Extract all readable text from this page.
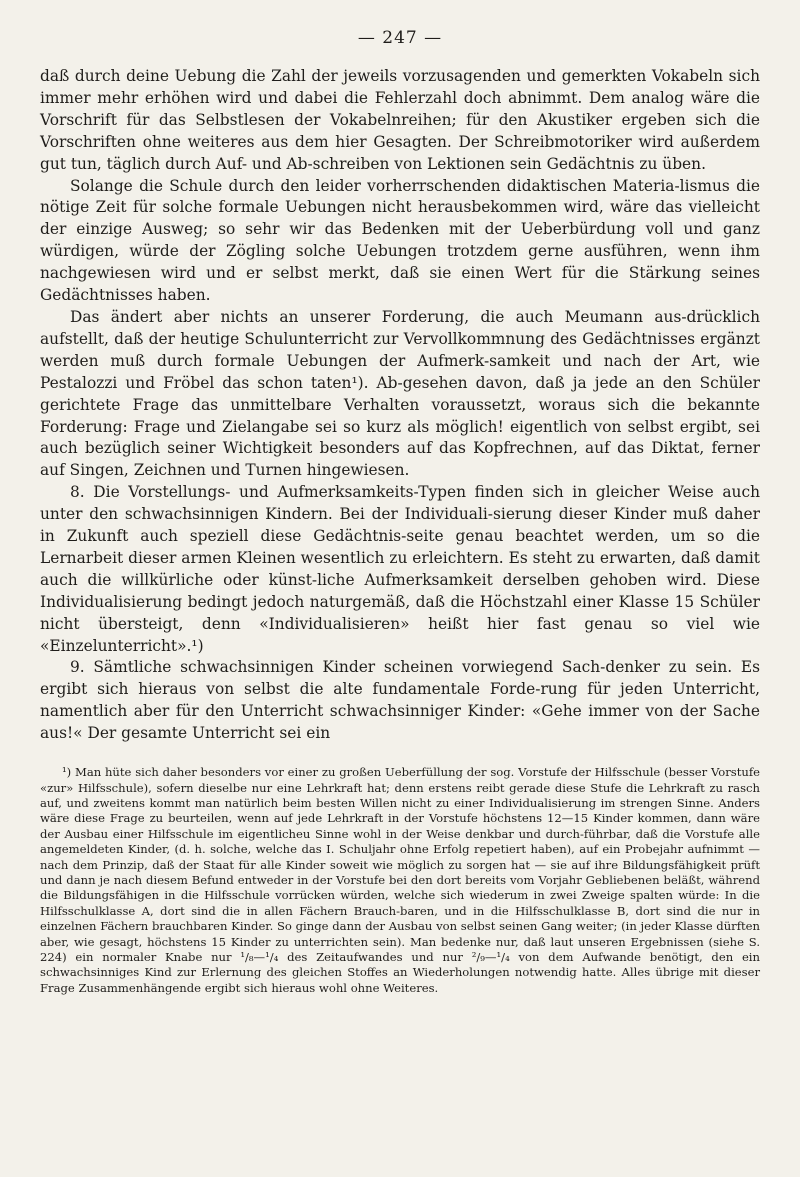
— 247 —

daß durch deine Uebung die Zahl der jeweils vorzusagenden und gemerkten Vokabeln sich immer mehr erhöhen wird und dabei die Fehlerzahl doch abnimmt. Dem analog wäre die Vorschrift für das Selbstlesen der Vokabelnreihen; für den Akustiker ergeben sich die Vorschriften ohne weiteres aus dem hier Gesagten. Der Schreibmotoriker wird außerdem gut tun, täglich durch Auf- und Ab-schreiben von Lektionen sein Gedächtnis zu üben.

Solange die Schule durch den leider vorherrschenden didaktischen Materia-lismus die nötige Zeit für solche formale Uebungen nicht herausbekommen wird, wäre das vielleicht der einzige Ausweg; so sehr wir das Bedenken mit der Ueberbürdung voll und ganz würdigen, würde der Zögling solche Uebungen trotzdem gerne ausführen, wenn ihm nachgewiesen wird und er selbst merkt, daß sie einen Wert für die Stärkung seines Gedächtnisses haben.

Das ändert aber nichts an unserer Forderung, die auch Meumann aus-drücklich aufstellt, daß der heutige Schulunterricht zur Vervollkommnung des Gedächtnisses ergänzt werden muß durch formale Uebungen der Aufmerk-samkeit und nach der Art, wie Pestalozzi und Fröbel das schon taten¹). Ab-gesehen davon, daß ja jede an den Schüler gerichtete Frage das unmittelbare Verhalten voraussetzt, woraus sich die bekannte Forderung: Frage und Zielangabe sei so kurz als möglich! eigentlich von selbst ergibt, sei auch bezüglich seiner Wichtigkeit besonders auf das Kopfrechnen, auf das Diktat, ferner auf Singen, Zeichnen und Turnen hingewiesen.

8. Die Vorstellungs- und Aufmerksamkeits-Typen finden sich in gleicher Weise auch unter den schwachsinnigen Kindern. Bei der Individuali-sierung dieser Kinder muß daher in Zukunft auch speziell diese Gedächtnis-seite genau beachtet werden, um so die Lernarbeit dieser armen Kleinen wesentlich zu erleichtern. Es steht zu erwarten, daß damit auch die willkürliche oder künst-liche Aufmerksamkeit derselben gehoben wird. Diese Individualisierung bedingt jedoch naturgemäß, daß die Höchstzahl einer Klasse 15 Schüler nicht übersteigt, denn «Individualisieren» heißt hier fast genau so viel wie «Einzelunterricht».¹)

9. Sämtliche schwachsinnigen Kinder scheinen vorwiegend Sach-denker zu sein. Es ergibt sich hieraus von selbst die alte fundamentale Forde-rung für jeden Unterricht, namentlich aber für den Unterricht schwachsinniger Kinder: «Gehe immer von der Sache aus!« Der gesamte Unterricht sei ein

¹) Man hüte sich daher besonders vor einer zu großen Ueberfüllung der sog. Vorstufe der Hilfsschule (besser Vorstufe «zur» Hilfsschule), sofern dieselbe nur eine Lehrkraft hat; denn erstens reibt gerade diese Stufe die Lehrkraft zu rasch auf, und zweitens kommt man natürlich beim besten Willen nicht zu einer Individualisierung im strengen Sinne. Anders wäre diese Frage zu beurteilen, wenn auf jede Lehrkraft in der Vorstufe höchstens 12—15 Kinder kommen, dann wäre der Ausbau einer Hilfsschule im eigentlicheu Sinne wohl in der Weise denkbar und durch-führbar, daß die Vorstufe alle angemeldeten Kinder, (d. h. solche, welche das I. Schuljahr ohne Erfolg repetiert haben), auf ein Probejahr aufnimmt — nach dem Prinzip, daß der Staat für alle Kinder soweit wie möglich zu sorgen hat — sie auf ihre Bildungsfähigkeit prüft und dann je nach diesem Befund entweder in der Vorstufe bei den dort bereits vom Vorjahr Gebliebenen beläßt, während die Bildungsfähigen in die Hilfsschule vorrücken würden, welche sich wiederum in zwei Zweige spalten würde: In die Hilfsschulklasse A, dort sind die in allen Fächern Brauch-baren, und in die Hilfsschulklasse B, dort sind die nur in einzelnen Fächern brauchbaren Kinder. So ginge dann der Ausbau von selbst seinen Gang weiter; (in jeder Klasse dürften aber, wie gesagt, höchstens 15 Kinder zu unterrichten sein). Man bedenke nur, daß laut unseren Ergebnissen (siehe S. 224) ein normaler Knabe nur ¹/₈—¹/₄ des Zeitaufwandes und nur ²/₉—¹/₄ von dem Aufwande benötigt, den ein schwachsinniges Kind zur Erlernung des gleichen Stoffes an Wiederholungen notwendig hatte. Alles übrige mit dieser Frage Zusammenhängende ergibt sich hieraus wohl ohne Weiteres.
